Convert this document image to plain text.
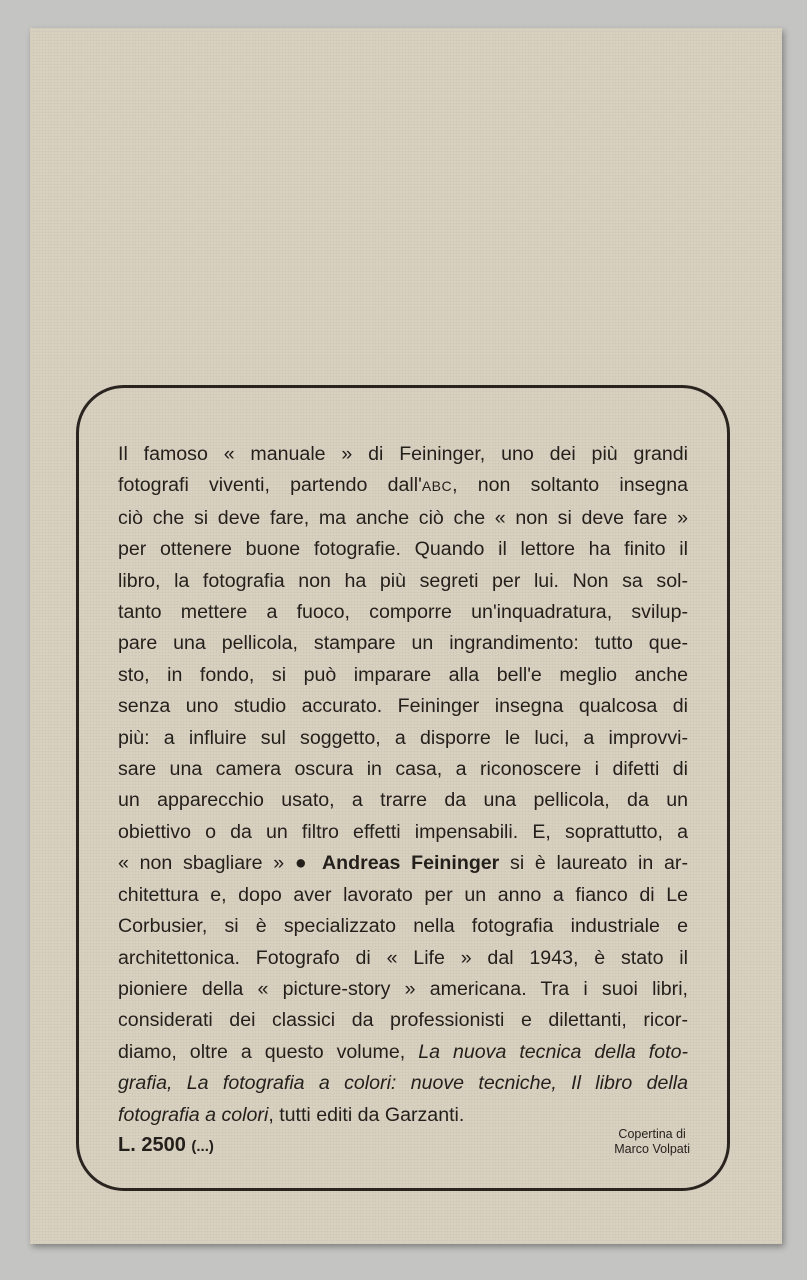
Il famoso « manuale » di Feininger, uno dei più grandi
fotografi viventi, partendo dall'ABC, non soltanto insegna
ciò che si deve fare, ma anche ciò che « non si deve fare »
per ottenere buone fotografie. Quando il lettore ha finito il
libro, la fotografia non ha più segreti per lui. Non sa sol-
tanto mettere a fuoco, comporre un'inquadratura, svilup-
pare una pellicola, stampare un ingrandimento: tutto que-
sto, in fondo, si può imparare alla bell'e meglio anche
senza uno studio accurato. Feininger insegna qualcosa di
più: a influire sul soggetto, a disporre le luci, a improvvi-
sare una camera oscura in casa, a riconoscere i difetti di
un apparecchio usato, a trarre da una pellicola, da un
obiettivo o da un filtro effetti impensabili. E, soprattutto, a
« non sbagliare » ● Andreas Feininger si è laureato in ar-
chitettura e, dopo aver lavorato per un anno a fianco di Le
Corbusier, si è specializzato nella fotografia industriale e
architettonica. Fotografo di « Life » dal 1943, è stato il
pioniere della « picture-story » americana. Tra i suoi libri,
considerati dei classici da professionisti e dilettanti, ricor-
diamo, oltre a questo volume, La nuova tecnica della foto-
grafia, La fotografia a colori: nuove tecniche, Il libro della
fotografia a colori, tutti editi da Garzanti.
L. 2500 (...)
Copertina di
Marco Volpati
